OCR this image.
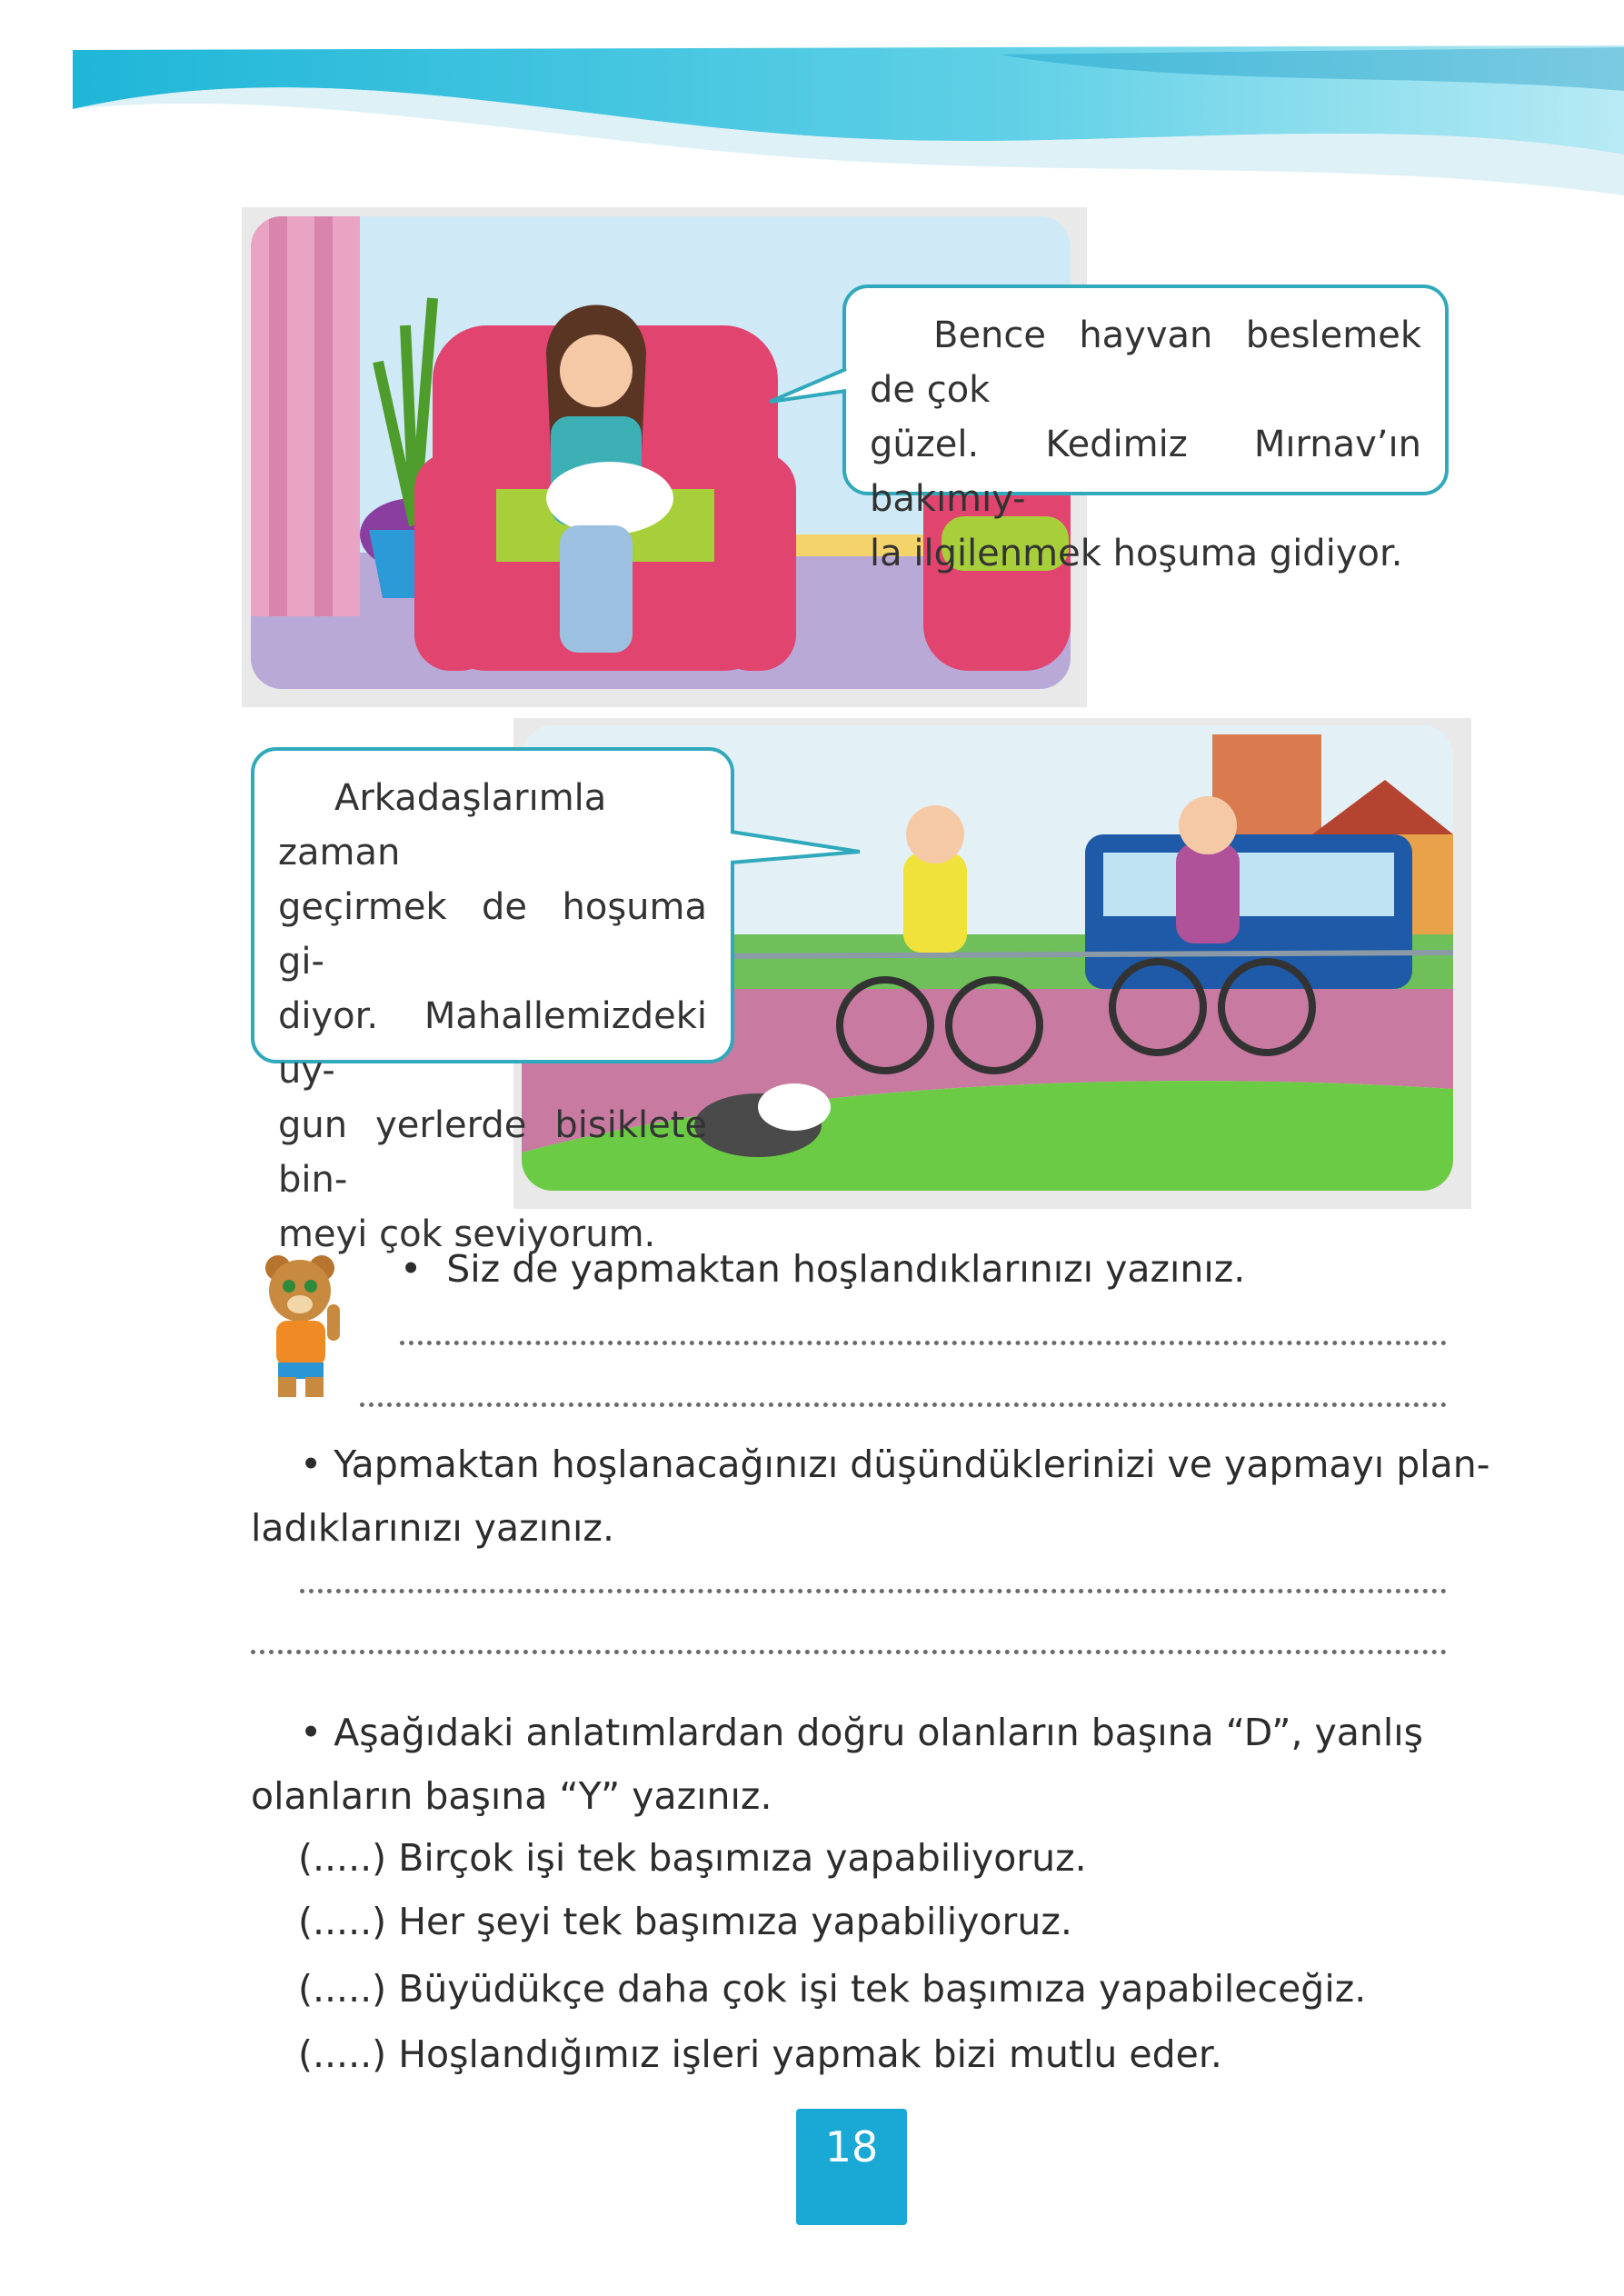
Bence hayvan beslemek de çok

güzel. Kedimiz Mırnav’ın bakımıy-

la ilgilenmek hoşuma gidiyor.

Arkadaşlarımla zaman

geçirmek de hoşuma gi-

diyor. Mahallemizdeki uy-

gun yerlerde bisiklete bin-

meyi çok seviyorum.

• Siz de yapmaktan hoşlandıklarınızı yazınız.
• Yapmaktan hoşlanacağınızı düşündüklerinizi ve yapmayı plan-
ladıklarınızı yazınız.
• Aşağıdaki anlatımlardan doğru olanların başına “D”, yanlış
olanların başına “Y” yazınız.
(.....) Birçok işi tek başımıza yapabiliyoruz.
(.....) Her şeyi tek başımıza yapabiliyoruz.
(.....) Büyüdükçe daha çok işi tek başımıza yapabileceğiz.
(.....) Hoşlandığımız işleri yapmak bizi mutlu eder.
18
